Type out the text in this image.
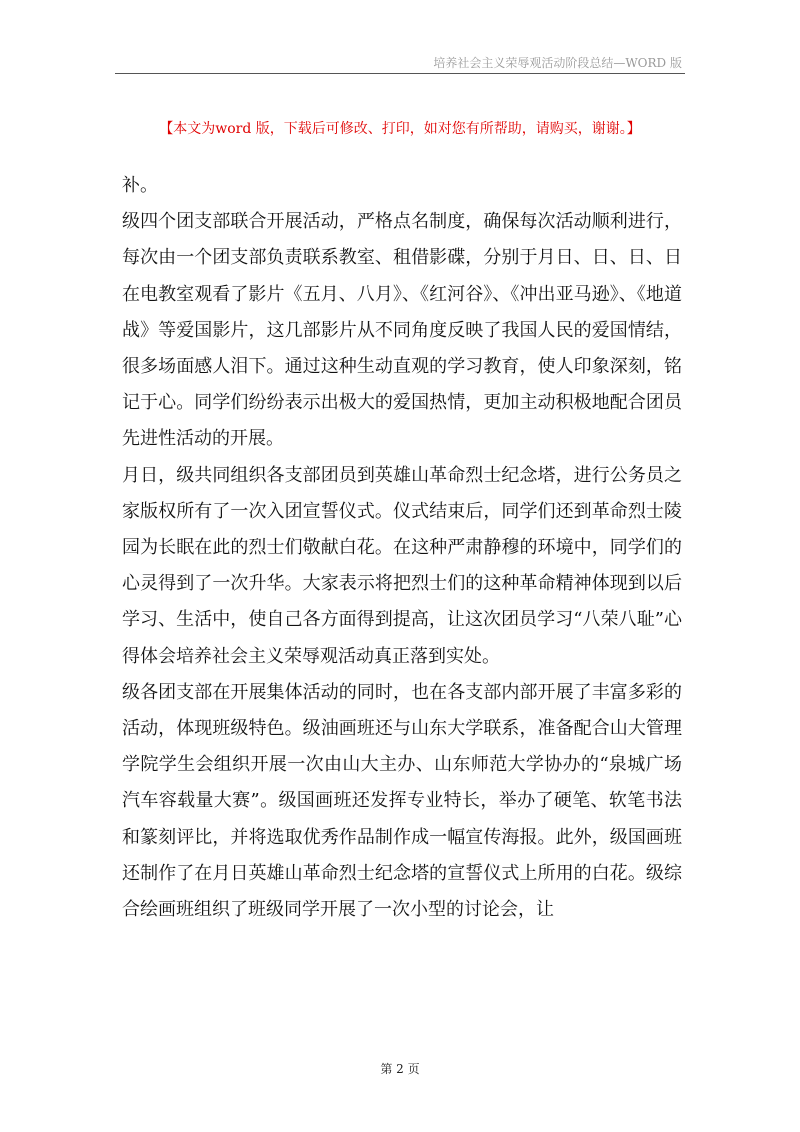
培养社会主义荣辱观活动阶段总结—WORD 版
【本文为word 版，下载后可修改、打印，如对您有所帮助，请购买，谢谢。】

补。

级四个团支部联合开展活动，严格点名制度，确保每次活动顺利进行，每次由一个团支部负责联系教室、租借影碟，分别于月日、日、日、日在电教室观看了影片《五月、八月》、《红河谷》、《冲出亚马逊》、《地道战》等爱国影片，这几部影片从不同角度反映了我国人民的爱国情结，很多场面感人泪下。通过这种生动直观的学习教育，使人印象深刻，铭记于心。同学们纷纷表示出极大的爱国热情，更加主动积极地配合团员先进性活动的开展。

月日，级共同组织各支部团员到英雄山革命烈士纪念塔，进行公务员之家版权所有了一次入团宣誓仪式。仪式结束后，同学们还到革命烈士陵园为长眠在此的烈士们敬献白花。在这种严肃静穆的环境中，同学们的心灵得到了一次升华。大家表示将把烈士们的这种革命精神体现到以后学习、生活中，使自己各方面得到提高，让这次团员学习“八荣八耻”心得体会培养社会主义荣辱观活动真正落到实处。

级各团支部在开展集体活动的同时，也在各支部内部开展了丰富多彩的活动，体现班级特色。级油画班还与山东大学联系，准备配合山大管理学院学生会组织开展一次由山大主办、山东师范大学协办的“泉城广场汽车容载量大赛”。级国画班还发挥专业特长，举办了硬笔、软笔书法和篆刻评比，并将选取优秀作品制作成一幅宣传海报。此外，级国画班还制作了在月日英雄山革命烈士纪念塔的宣誓仪式上所用的白花。级综合绘画班组织了班级同学开展了一次小型的讨论会，让

第 2 页
